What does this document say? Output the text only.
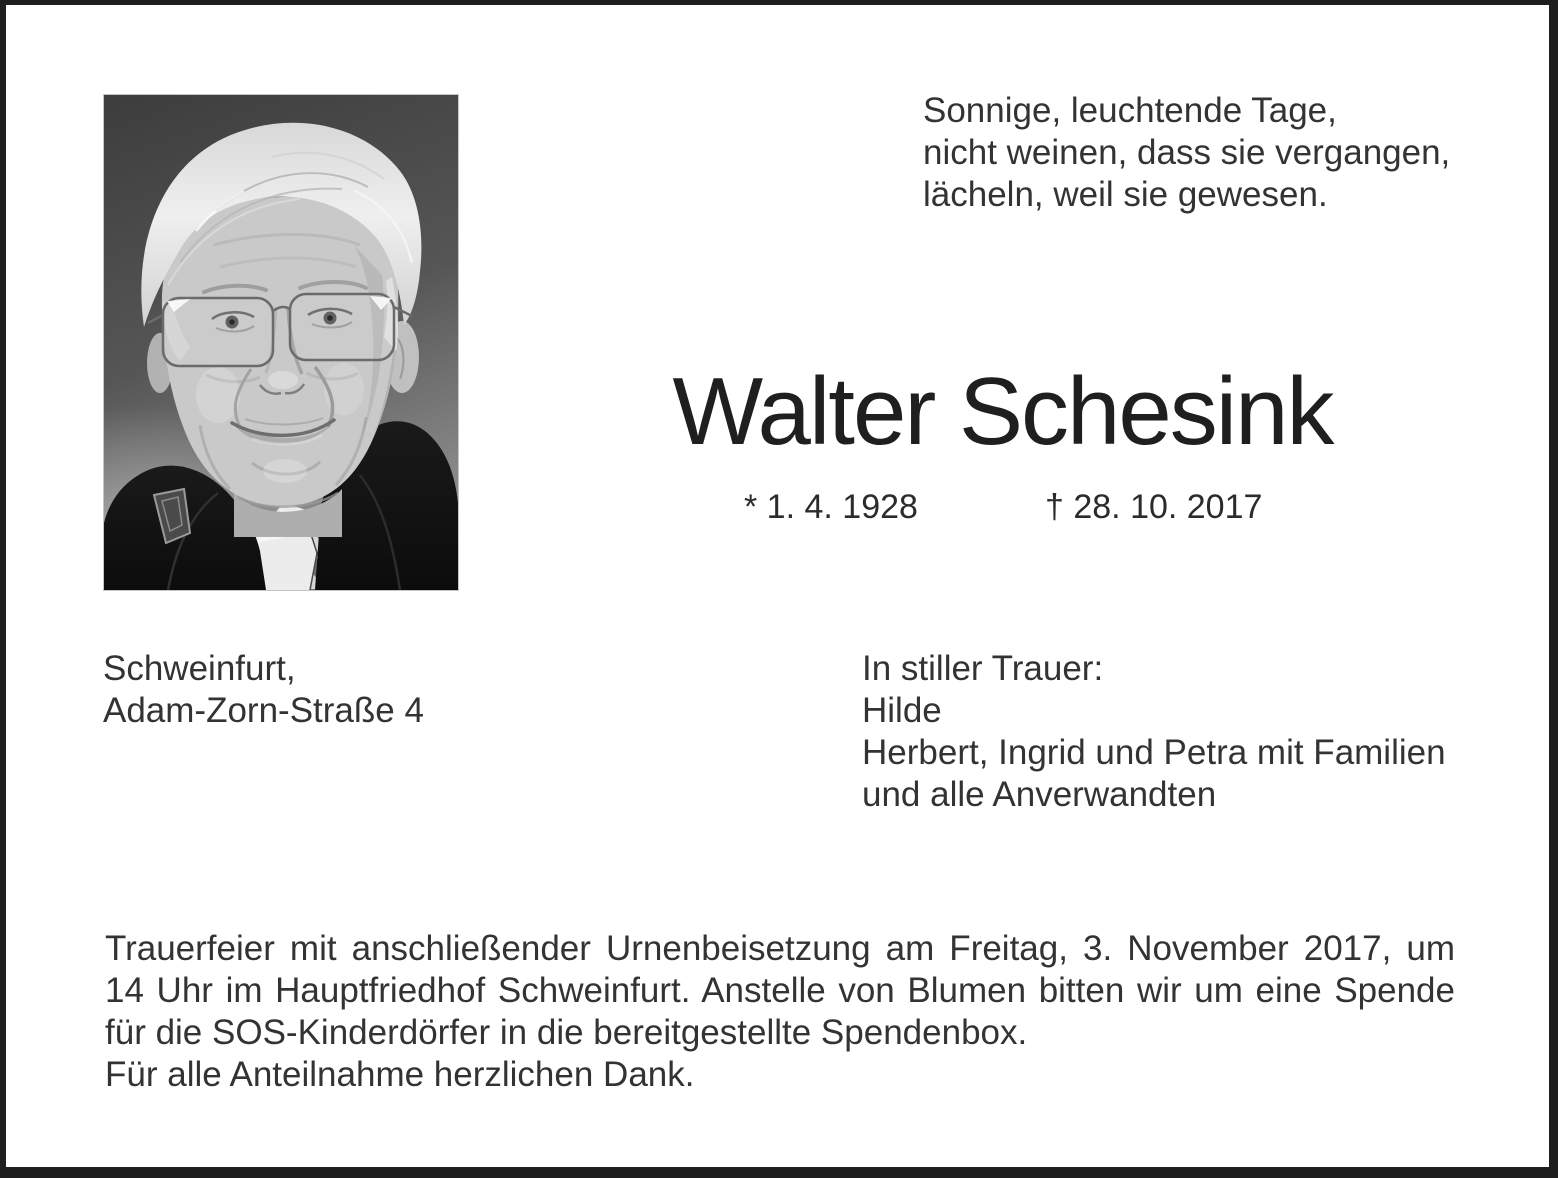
Sonnige, leuchtende Tage,
nicht weinen, dass sie vergangen,
lächeln, weil sie gewesen.
Walter Schesink
* 1. 4. 1928	† 28. 10. 2017
Schweinfurt,
Adam-Zorn-Straße 4
In stiller Trauer:
Hilde
Herbert, Ingrid und Petra mit Familien
und alle Anverwandten
Trauerfeier mit anschließender Urnenbeisetzung am Freitag, 3. November 2017, um
14 Uhr im Hauptfriedhof Schweinfurt. Anstelle von Blumen bitten wir um eine Spende
für die SOS-Kinderdörfer in die bereitgestellte Spendenbox.
Für alle Anteilnahme herzlichen Dank.
